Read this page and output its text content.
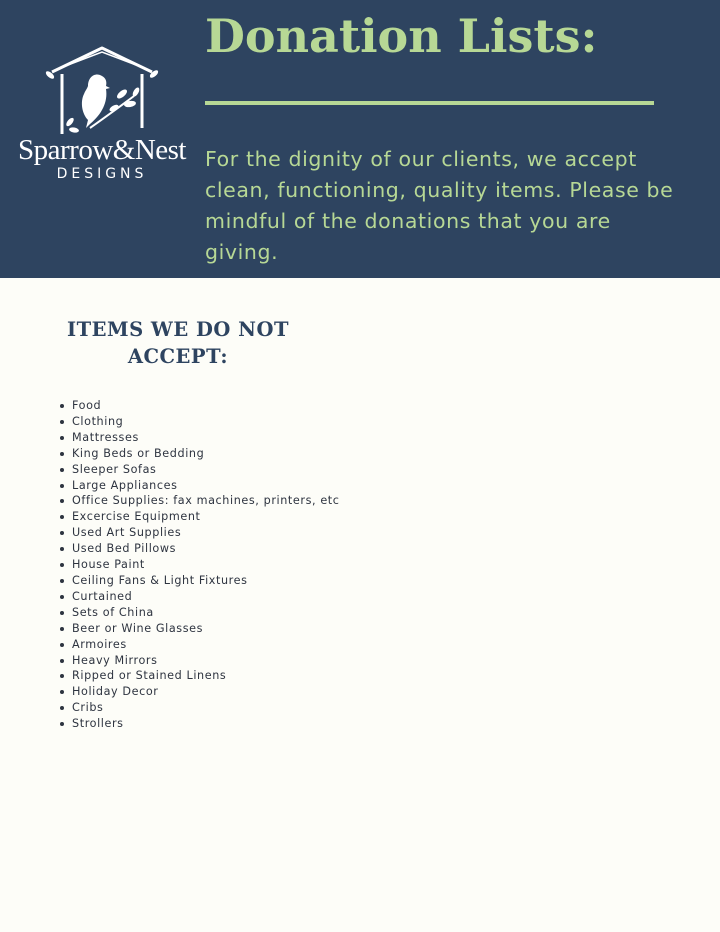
Sparrow&Nest
DESIGNS
Donation Lists:

For the dignity of our clients, we accept clean, functioning, quality items. Please be mindful of the donations that you are giving.

ITEMS WE DO NOT ACCEPT:
Food
Clothing
Mattresses
King Beds or Bedding
Sleeper Sofas
Large Appliances
Office Supplies: fax machines, printers, etc
Excercise Equipment
Used Art Supplies
Used Bed Pillows
House Paint
Ceiling Fans & Light Fixtures
Curtained
Sets of China
Beer or Wine Glasses
Armoires
Heavy Mirrors
Ripped or Stained Linens
Holiday Decor
Cribs
Strollers
